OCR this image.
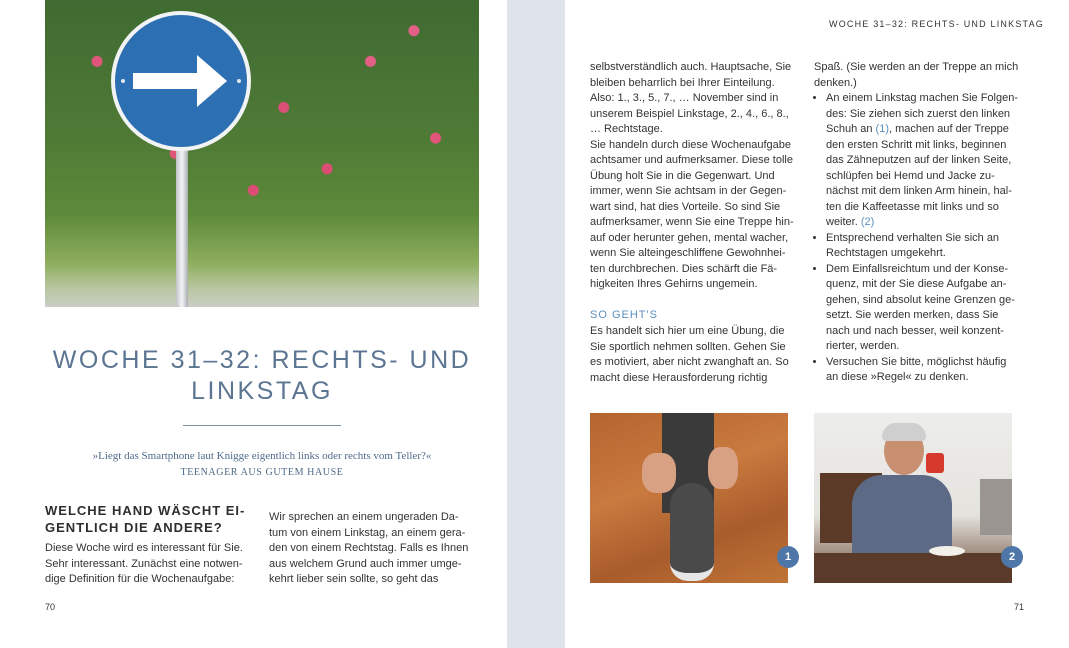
WOCHE 31–32: RECHTS- UND
LINKSTAG
»Liegt das Smartphone laut Knigge eigentlich links oder rechts vom Teller?«
TEENAGER AUS GUTEM HAUSE
WELCHE HAND WÄSCHT EI-
GENTLICH DIE ANDERE?

Diese Woche wird es interessant für Sie.

Sehr interessant. Zunächst eine notwen-

dige Definition für die Wochenaufgabe:

Wir sprechen an einem ungeraden Da-

tum von einem Linkstag, an einem gera-

den von einem Rechtstag. Falls es Ihnen

aus welchem Grund auch immer umge-

kehrt lieber sein sollte, so geht das

70
WOCHE 31–32: RECHTS- UND LINKSTAG

selbstverständlich auch. Hauptsache, Sie

bleiben beharrlich bei Ihrer Einteilung.

Also: 1., 3., 5., 7., … November sind in

unserem Beispiel Linkstage, 2., 4., 6., 8.,

… Rechtstage.

Sie handeln durch diese Wochenaufgabe

achtsamer und aufmerksamer. Diese tolle

Übung holt Sie in die Gegenwart. Und

immer, wenn Sie achtsam in der Gegen-

wart sind, hat dies Vorteile. So sind Sie

aufmerksamer, wenn Sie eine Treppe hin-

auf oder herunter gehen, mental wacher,

wenn Sie alteingeschliffene Gewohnhei-

ten durchbrechen. Dies schärft die Fä-

higkeiten Ihres Gehirns ungemein.

SO GEHT'S

Es handelt sich hier um eine Übung, die

Sie sportlich nehmen sollten. Gehen Sie

es motiviert, aber nicht zwanghaft an. So

macht diese Herausforderung richtig

Spaß. (Sie werden an der Treppe an mich

denken.)

• An einem Linkstag machen Sie Folgen-
des: Sie ziehen sich zuerst den linken
Schuh an (1), machen auf der Treppe
den ersten Schritt mit links, beginnen
das Zähneputzen auf der linken Seite,
schlüpfen bei Hemd und Jacke zu-
nächst mit dem linken Arm hinein, hal-
ten die Kaffeetasse mit links und so
weiter. (2)
• Entsprechend verhalten Sie sich an
Rechtstagen umgekehrt.
• Dem Einfallsreichtum und der Konse-
quenz, mit der Sie diese Aufgabe an-
gehen, sind absolut keine Grenzen ge-
setzt. Sie werden merken, dass Sie
nach und nach besser, weil konzent-
rierter, werden.
• Versuchen Sie bitte, möglichst häufig
an diese »Regel« zu denken.
1	2
71
